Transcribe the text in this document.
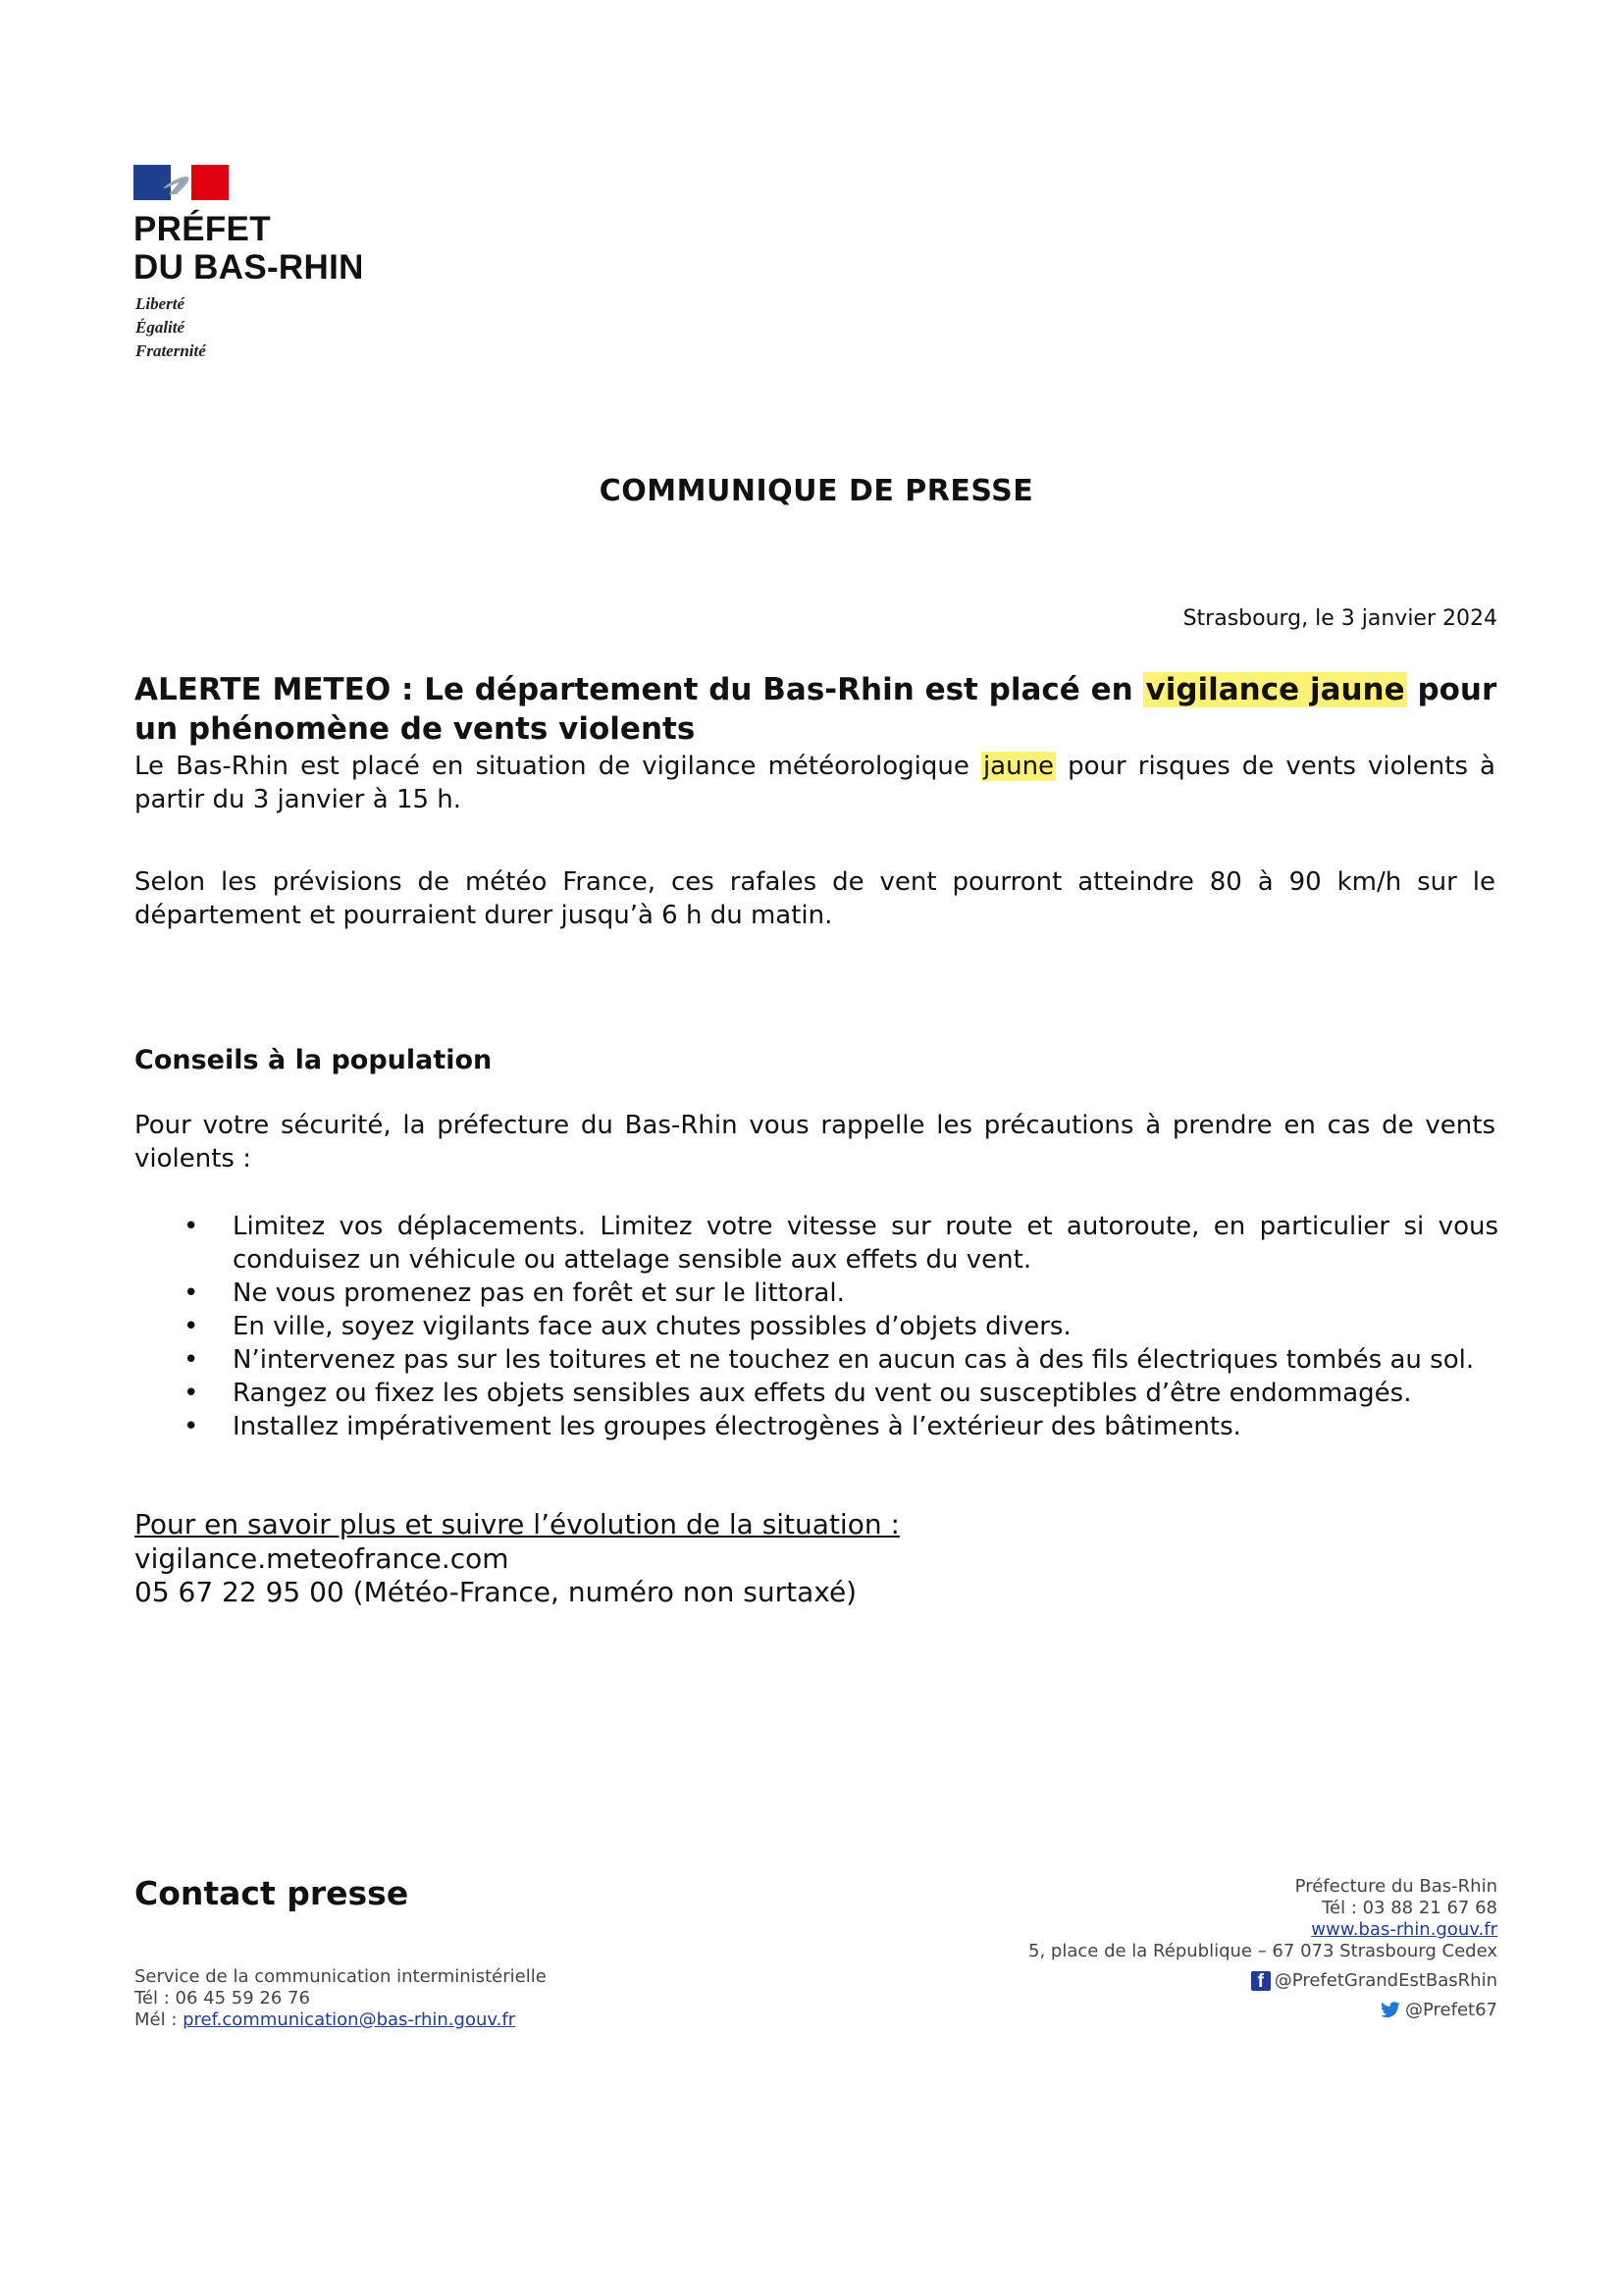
PRÉFET
DU BAS-RHIN
Liberté
Égalité
Fraternité
COMMUNIQUE DE PRESSE
Strasbourg, le 3 janvier 2024
ALERTE METEO : Le département du Bas-Rhin est placé en vigilance jaune pour un phénomène de vents violents
Le Bas-Rhin est placé en situation de vigilance météorologique jaune pour risques de vents violents à partir du 3 janvier à 15 h.
Selon les prévisions de météo France, ces rafales de vent pourront atteindre 80 à 90 km/h sur le département et pourraient durer jusqu’à 6 h du matin.
Conseils à la population
Pour votre sécurité, la préfecture du Bas-Rhin vous rappelle les précautions à prendre en cas de vents violents :
• Limitez vos déplacements. Limitez votre vitesse sur route et autoroute, en particulier si vous conduisez un véhicule ou attelage sensible aux effets du vent.
• Ne vous promenez pas en forêt et sur le littoral.
• En ville, soyez vigilants face aux chutes possibles d’objets divers.
• N’intervenez pas sur les toitures et ne touchez en aucun cas à des fils électriques tombés au sol.
• Rangez ou fixez les objets sensibles aux effets du vent ou susceptibles d’être endommagés.
• Installez impérativement les groupes électrogènes à l’extérieur des bâtiments.
Pour en savoir plus et suivre l’évolution de la situation :
vigilance.meteofrance.com
05 67 22 95 00 (Météo-France, numéro non surtaxé)
Contact presse
Service de la communication interministérielle
Tél : 06 45 59 26 76
Mél : pref.communication@bas-rhin.gouv.fr
Préfecture du Bas-Rhin
Tél : 03 88 21 67 68
www.bas-rhin.gouv.fr
5, place de la République – 67 073 Strasbourg Cedex
f @PrefetGrandEstBasRhin
@Prefet67
